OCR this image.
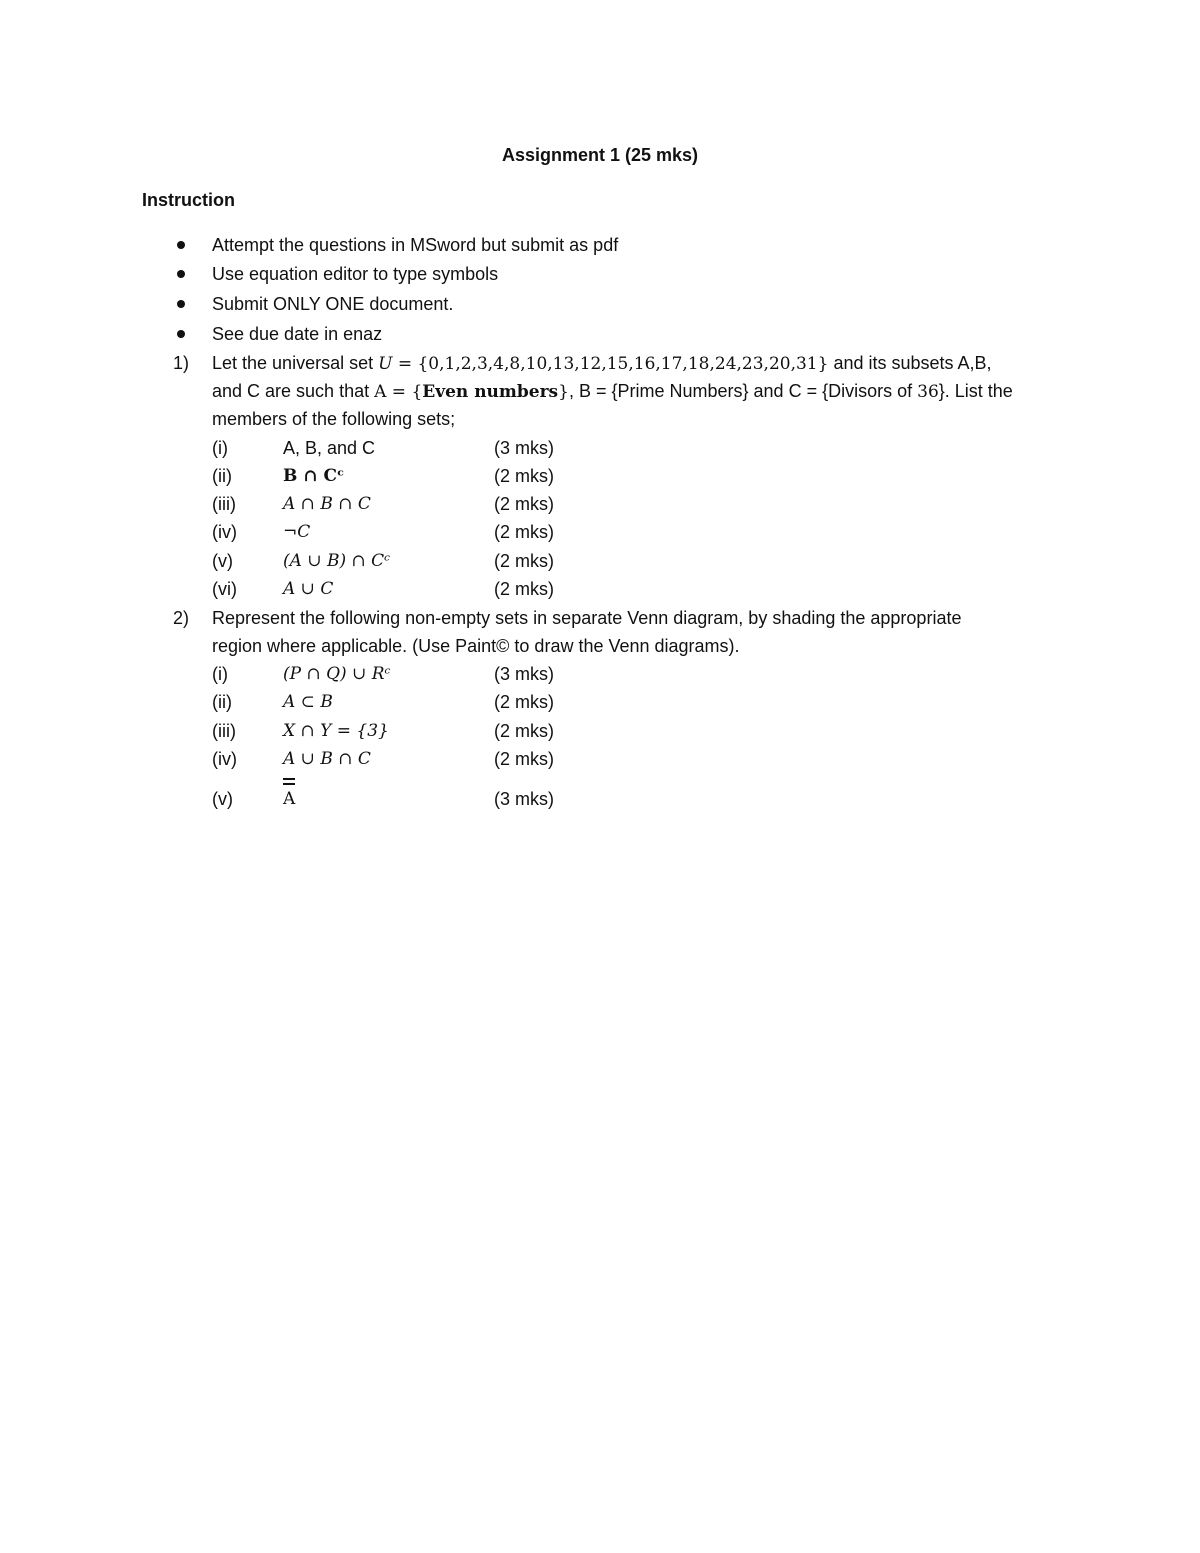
Assignment 1 (25 mks)
Instruction
Attempt the questions in MSword but submit as pdf
Use equation editor to type symbols
Submit ONLY ONE document.
See due date in enaz
1) Let the universal set U = {0,1,2,3,4,8,10,13,12,15,16,17,18,24,23,20,31} and its subsets A,B,
and C are such that A = {Even numbers}, B = {Prime Numbers} and C = {Divisors of 36}. List the
members of the following sets;
(i)	A, B, and C	(3 mks)
(ii)	B ∩ Cᶜ	(2 mks)
(iii)	A ∩ B ∩ C	(2 mks)
(iv)	¬C	(2 mks)
(v)	(A ∪ B) ∩ Cᶜ	(2 mks)
(vi)	A ∪ C	(2 mks)
2) Represent the following non-empty sets in separate Venn diagram, by shading the appropriate
region where applicable. (Use Paint© to draw the Venn diagrams).
(i)	(P ∩ Q) ∪ Rᶜ	(3 mks)
(ii)	A ⊂ B	(2 mks)
(iii)	X ∩ Y = {3}	(2 mks)
(iv)	A ∪ B ∩ C	(2 mks)
(v)	A	(3 mks)
